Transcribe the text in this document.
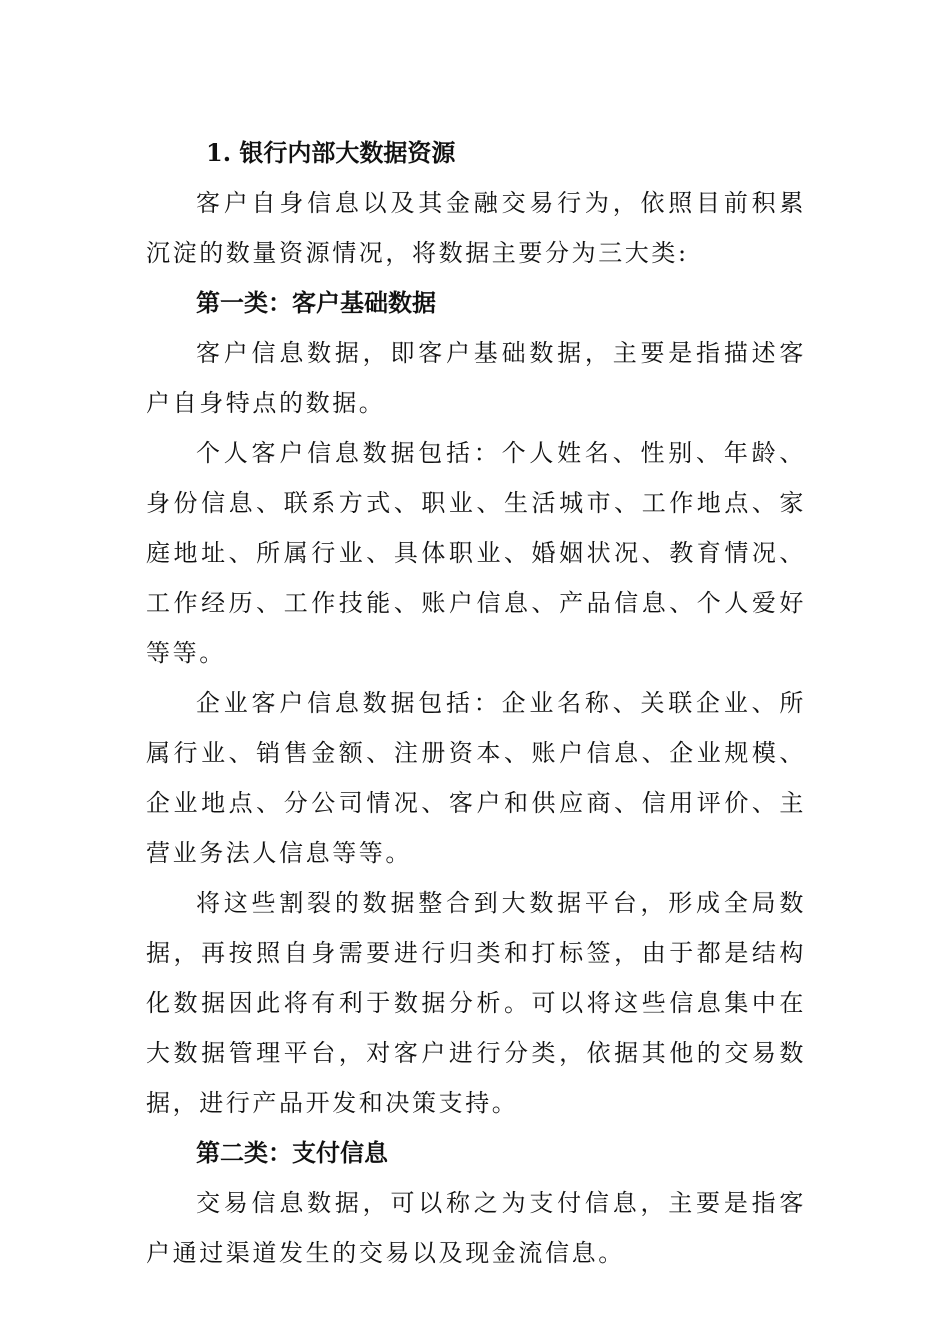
1. 银行内部大数据资源

客户自身信息以及其金融交易行为，依照目前积累沉淀的数量资源情况，将数据主要分为三大类:

第一类：客户基础数据

客户信息数据，即客户基础数据，主要是指描述客户自身特点的数据。

个人客户信息数据包括：个人姓名、性别、年龄、身份信息、联系方式、职业、生活城市、工作地点、家庭地址、所属行业、具体职业、婚姻状况、教育情况、工作经历、工作技能、账户信息、产品信息、个人爱好等等。

企业客户信息数据包括：企业名称、关联企业、所属行业、销售金额、注册资本、账户信息、企业规模、企业地点、分公司情况、客户和供应商、信用评价、主营业务法人信息等等。

将这些割裂的数据整合到大数据平台，形成全局数据，再按照自身需要进行归类和打标签，由于都是结构化数据因此将有利于数据分析。可以将这些信息集中在大数据管理平台，对客户进行分类，依据其他的交易数据，进行产品开发和决策支持。

第二类：支付信息

交易信息数据，可以称之为支付信息，主要是指客户通过渠道发生的交易以及现金流信息。
